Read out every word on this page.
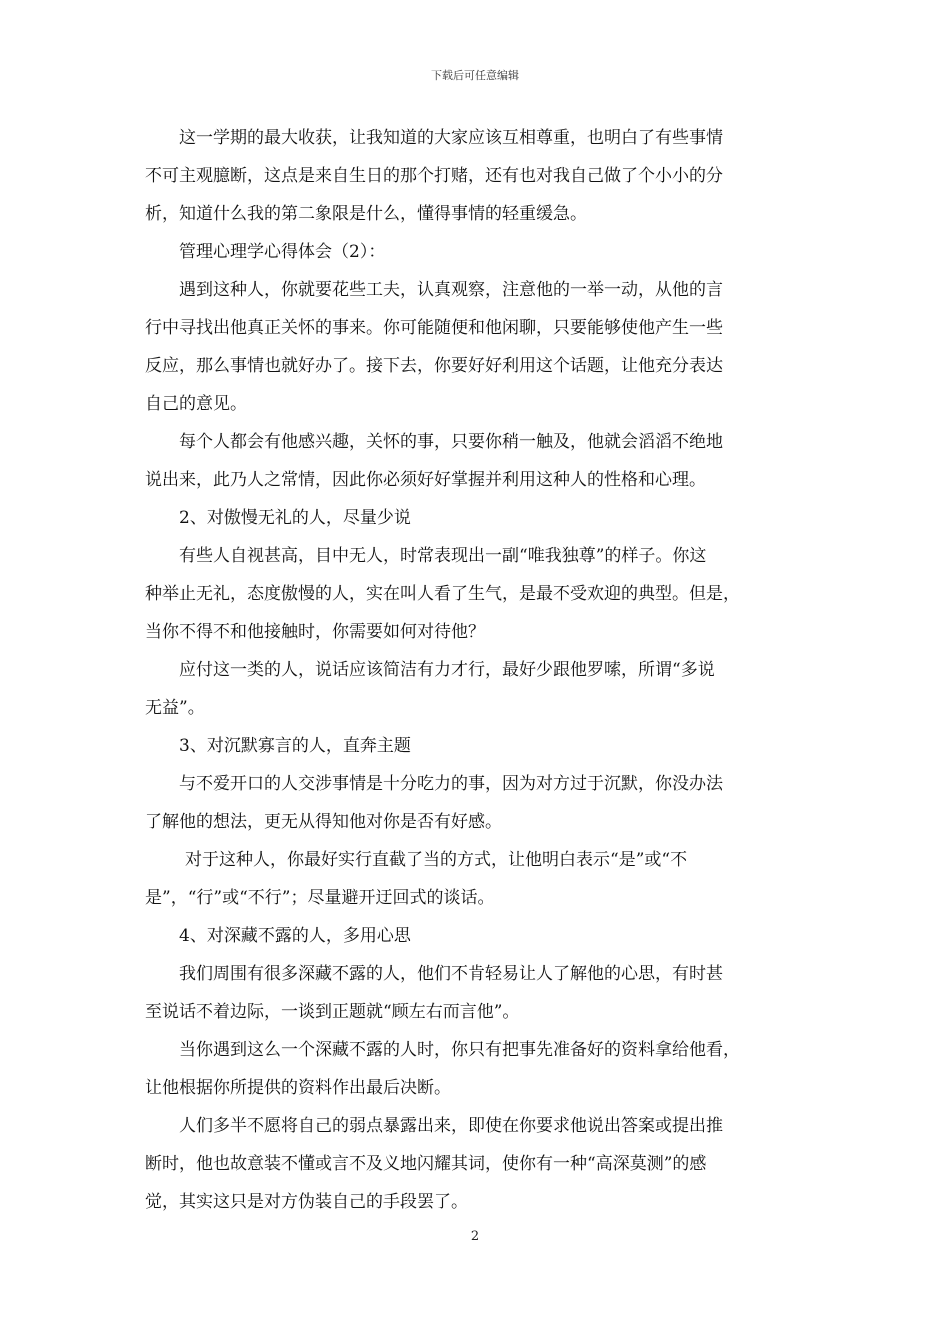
下载后可任意编辑
这一学期的最大收获，让我知道的大家应该互相尊重，也明白了有些事情
不可主观臆断，这点是来自生日的那个打赌，还有也对我自己做了个小小的分
析，知道什么我的第二象限是什么，懂得事情的轻重缓急。
管理心理学心得体会（2）：
遇到这种人，你就要花些工夫，认真观察，注意他的一举一动，从他的言
行中寻找出他真正关怀的事来。你可能随便和他闲聊，只要能够使他产生一些
反应，那么事情也就好办了。接下去，你要好好利用这个话题，让他充分表达
自己的意见。
每个人都会有他感兴趣，关怀的事，只要你稍一触及，他就会滔滔不绝地
说出来，此乃人之常情，因此你必须好好掌握并利用这种人的性格和心理。
2、对傲慢无礼的人，尽量少说
有些人自视甚高，目中无人，时常表现出一副“唯我独尊”的样子。你这
种举止无礼，态度傲慢的人，实在叫人看了生气，是最不受欢迎的典型。但是，
当你不得不和他接触时，你需要如何对待他？
应付这一类的人，说话应该简洁有力才行，最好少跟他罗嗦，所谓“多说
无益”。
3、对沉默寡言的人，直奔主题
与不爱开口的人交涉事情是十分吃力的事，因为对方过于沉默，你没办法
了解他的想法，更无从得知他对你是否有好感。
对于这种人，你最好实行直截了当的方式，让他明白表示“是”或“不
是”，“行”或“不行”；尽量避开迂回式的谈话。
4、对深藏不露的人，多用心思
我们周围有很多深藏不露的人，他们不肯轻易让人了解他的心思，有时甚
至说话不着边际，一谈到正题就“顾左右而言他”。
当你遇到这么一个深藏不露的人时，你只有把事先准备好的资料拿给他看，
让他根据你所提供的资料作出最后决断。
人们多半不愿将自己的弱点暴露出来，即使在你要求他说出答案或提出推
断时，他也故意装不懂或言不及义地闪耀其词，使你有一种“高深莫测”的感
觉，其实这只是对方伪装自己的手段罢了。
2
